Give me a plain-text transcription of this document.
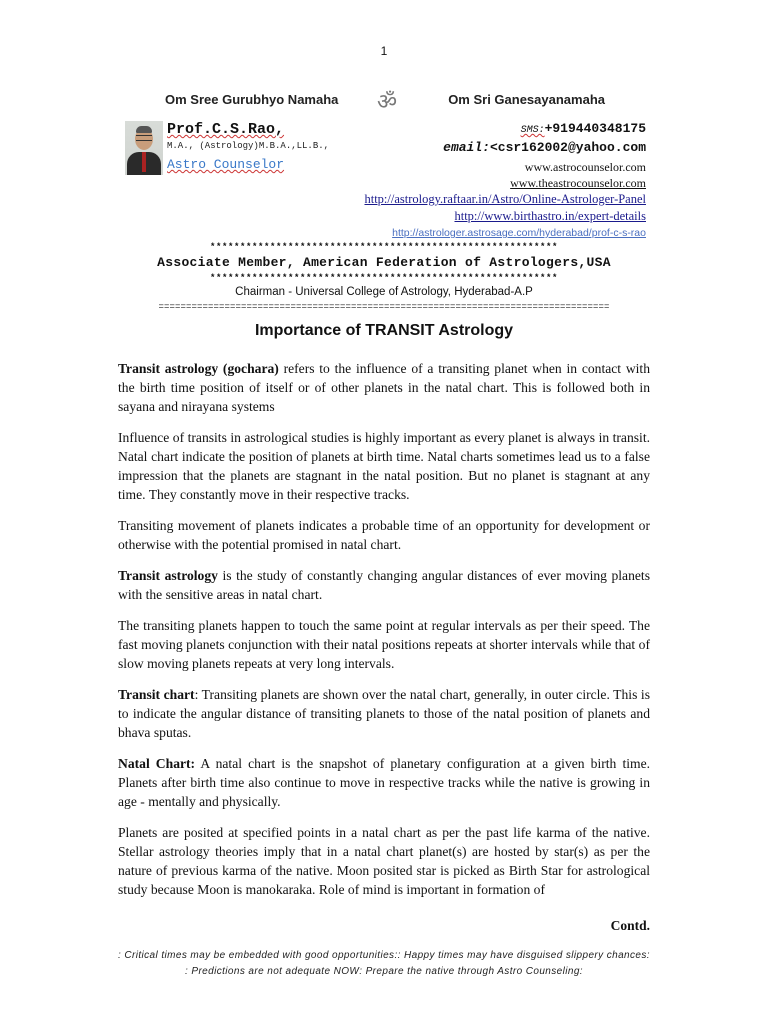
1
Om Sree Gurubhyo Namaha ॐ	Om Sri Ganesayanamaha
Prof.C.S.Rao,
M.A., (Astrology)M.B.A.,LL.B.,
Astro Counselor
SMS:+919440348175
email:<csr162002@yahoo.com
www.astrocounselor.com
www.theastrocounselor.com
http://astrology.raftaar.in/Astro/Online-Astrologer-Panel
http://www.birthastro.in/expert-details
http://astrologer.astrosage.com/hyderabad/prof-c-s-rao
**********************************************************
Associate Member, American Federation of Astrologers,USA
**********************************************************
Chairman - Universal College of Astrology, Hyderabad-A.P
==================================================================================
Importance of TRANSIT Astrology

Transit astrology (gochara) refers to the influence of a transiting planet when in contact with the birth time position of itself or of other planets in the natal chart. This is followed both in sayana and nirayana systems

Influence of transits in astrological studies is highly important as every planet is always in transit. Natal chart indicate the position of planets at birth time. Natal charts sometimes lead us to a false impression that the planets are stagnant in the natal position. But no planet is stagnant at any time. They constantly move in their respective tracks.

Transiting movement of planets indicates a probable time of an opportunity for development or otherwise with the potential promised in natal chart.

Transit astrology is the study of constantly changing angular distances of ever moving planets with the sensitive areas in natal chart.

The transiting planets happen to touch the same point at regular intervals as per their speed. The fast moving planets conjunction with their natal positions repeats at shorter intervals while that of slow moving planets repeats at very long intervals.

Transit chart: Transiting planets are shown over the natal chart, generally, in outer circle. This is to indicate the angular distance of transiting planets to those of the natal position of planets and bhava sputas.

Natal Chart: A natal chart is the snapshot of planetary configuration at a given birth time. Planets after birth time also continue to move in respective tracks while the native is growing in age - mentally and physically.

Planets are posited at specified points in a natal chart as per the past life karma of the native. Stellar astrology theories imply that in a natal chart planet(s) are hosted by star(s) as per the nature of previous karma of the native. Moon posited star is picked as Birth Star for astrological study because Moon is manokaraka. Role of mind is important in formation of

Contd.
: Critical times may be embedded with good opportunities:: Happy times may have disguised slippery chances:
: Predictions are not adequate NOW: Prepare the native through Astro Counseling:
